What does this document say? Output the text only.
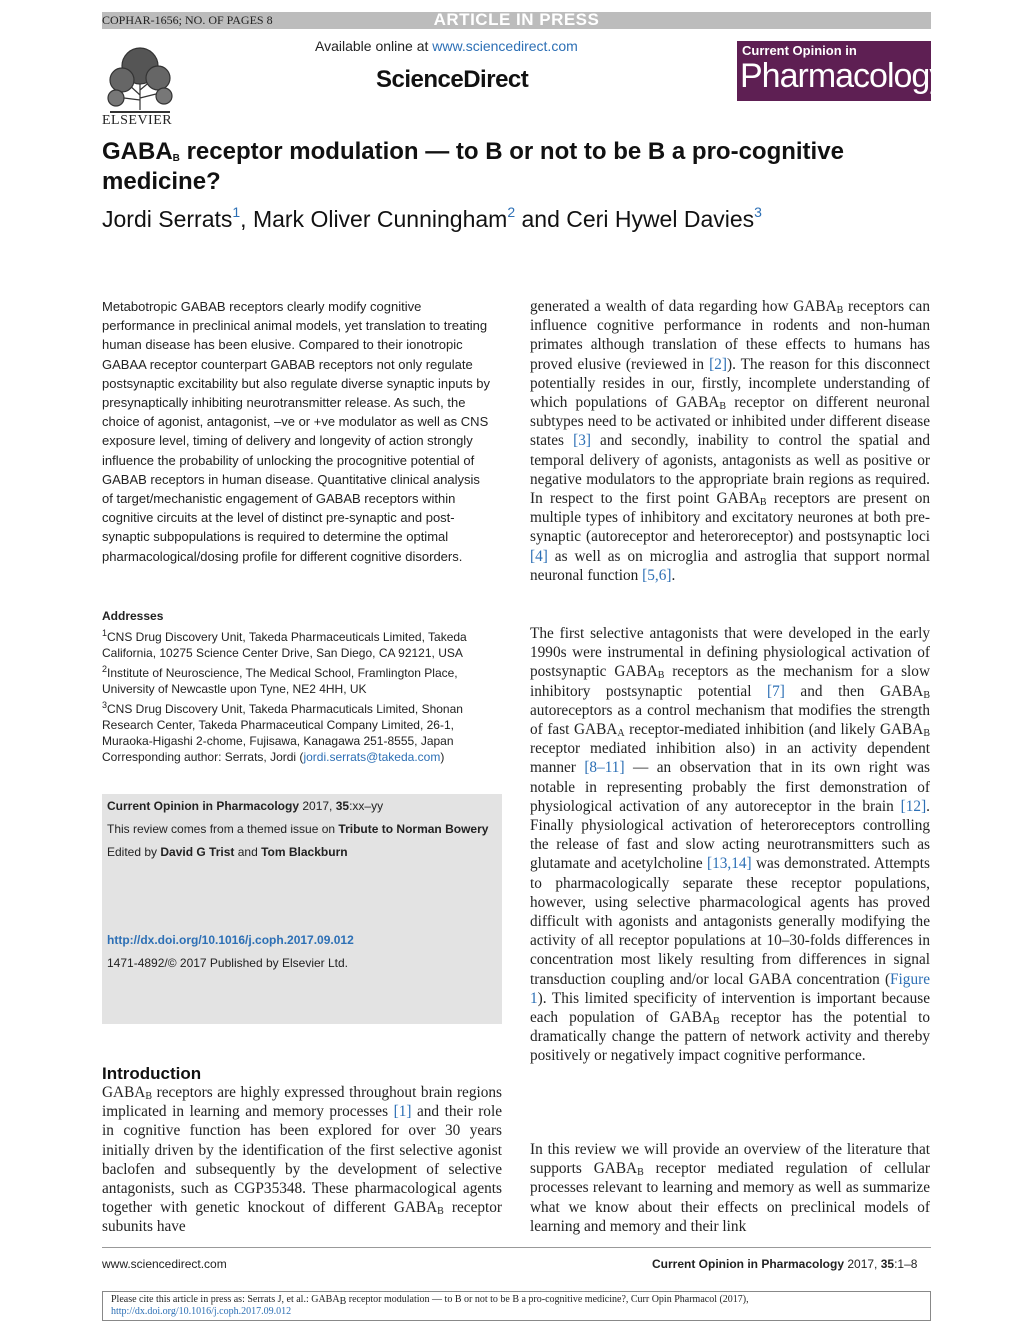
COPHAR-1656; NO. OF PAGES 8	ARTICLE IN PRESS
ELSEVIER
Available online at www.sciencedirect.com
ScienceDirect
Current Opinion in
Pharmacology
$GABA_B$ receptor modulation — to B or not to be B a pro-cognitive medicine?
Jordi Serrats$^1$, Mark Oliver Cunningham$^2$ and Ceri Hywel Davies$^3$

Metabotropic GABAB receptors clearly modify cognitive performance in preclinical animal models, yet translation to treating human disease has been elusive. Compared to their ionotropic GABAA receptor counterpart GABAB receptors not only regulate postsynaptic excitability but also regulate diverse synaptic inputs by presynaptically inhibiting neurotransmitter release. As such, the choice of agonist, antagonist, –ve or +ve modulator as well as CNS exposure level, timing of delivery and longevity of action strongly influence the probability of unlocking the procognitive potential of GABAB receptors in human disease. Quantitative clinical analysis of target/mechanistic engagement of GABAB receptors within cognitive circuits at the level of distinct pre-synaptic and post-synaptic subpopulations is required to determine the optimal pharmacological/dosing profile for different cognitive disorders.

Addresses

$^1$CNS Drug Discovery Unit, Takeda Pharmaceuticals Limited, Takeda California, 10275 Science Center Drive, San Diego, CA 92121, USA

$^2$Institute of Neuroscience, The Medical School, Framlington Place, University of Newcastle upon Tyne, NE2 4HH, UK

$^3$CNS Drug Discovery Unit, Takeda Pharmacuticals Limited, Shonan Research Center, Takeda Pharmaceutical Company Limited, 26-1, Muraoka-Higashi 2-chome, Fujisawa, Kanagawa 251-8555, Japan

Corresponding author: Serrats, Jordi (jordi.serrats@takeda.com)

Current Opinion in Pharmacology 2017, 35:xx–yy

This review comes from a themed issue on Tribute to Norman Bowery

Edited by David G Trist and Tom Blackburn

http://dx.doi.org/10.1016/j.coph.2017.09.012
1471-4892/© 2017 Published by Elsevier Ltd.
Introduction

$GABA_B$ receptors are highly expressed throughout brain regions implicated in learning and memory processes [1] and their role in cognitive function has been explored for over 30 years initially driven by the identification of the first selective agonist baclofen and subsequently by the development of selective antagonists, such as CGP35348. These pharmacological agents together with genetic knockout of different $GABA_B$ receptor subunits have

generated a wealth of data regarding how $GABA_B$ receptors can influence cognitive performance in rodents and non-human primates although translation of these effects to humans has proved elusive (reviewed in [2]). The reason for this disconnect potentially resides in our, firstly, incomplete understanding of which populations of $GABA_B$ receptor on different neuronal subtypes need to be activated or inhibited under different disease states [3] and secondly, inability to control the spatial and temporal delivery of agonists, antagonists as well as positive or negative modulators to the appropriate brain regions as required. In respect to the first point $GABA_B$ receptors are present on multiple types of inhibitory and excitatory neurones at both pre-synaptic (autoreceptor and heteroreceptor) and postsynaptic loci [4] as well as on microglia and astroglia that support normal neuronal function [5,6].

The first selective antagonists that were developed in the early 1990s were instrumental in defining physiological activation of postsynaptic $GABA_B$ receptors as the mechanism for a slow inhibitory postsynaptic potential [7] and then $GABA_B$ autoreceptors as a control mechanism that modifies the strength of fast $GABA_A$ receptor-mediated inhibition (and likely $GABA_B$ receptor mediated inhibition also) in an activity dependent manner [8–11] — an observation that in its own right was notable in representing probably the first demonstration of physiological activation of any autoreceptor in the brain [12]. Finally physiological activation of heteroreceptors controlling the release of fast and slow acting neurotransmitters such as glutamate and acetylcholine [13,14] was demonstrated. Attempts to pharmacologically separate these receptor populations, however, using selective pharmacological agents has proved difficult with agonists and antagonists generally modifying the activity of all receptor populations at 10–30-folds differences in concentration most likely resulting from differences in signal transduction coupling and/or local GABA concentration (Figure 1). This limited specificity of intervention is important because each population of $GABA_B$ receptor has the potential to dramatically change the pattern of network activity and thereby positively or negatively impact cognitive performance.

In this review we will provide an overview of the literature that supports $GABA_B$ receptor mediated regulation of cellular processes relevant to learning and memory as well as summarize what we know about their effects on preclinical models of learning and memory and their link

www.sciencedirect.com	Current Opinion in Pharmacology 2017, 35:1–8
Please cite this article in press as: Serrats J, et al.: $GABA_B$ receptor modulation — to B or not to be B a pro-cognitive medicine?, Curr Opin Pharmacol (2017), http://dx.doi.org/10.1016/j.coph.2017.09.012
